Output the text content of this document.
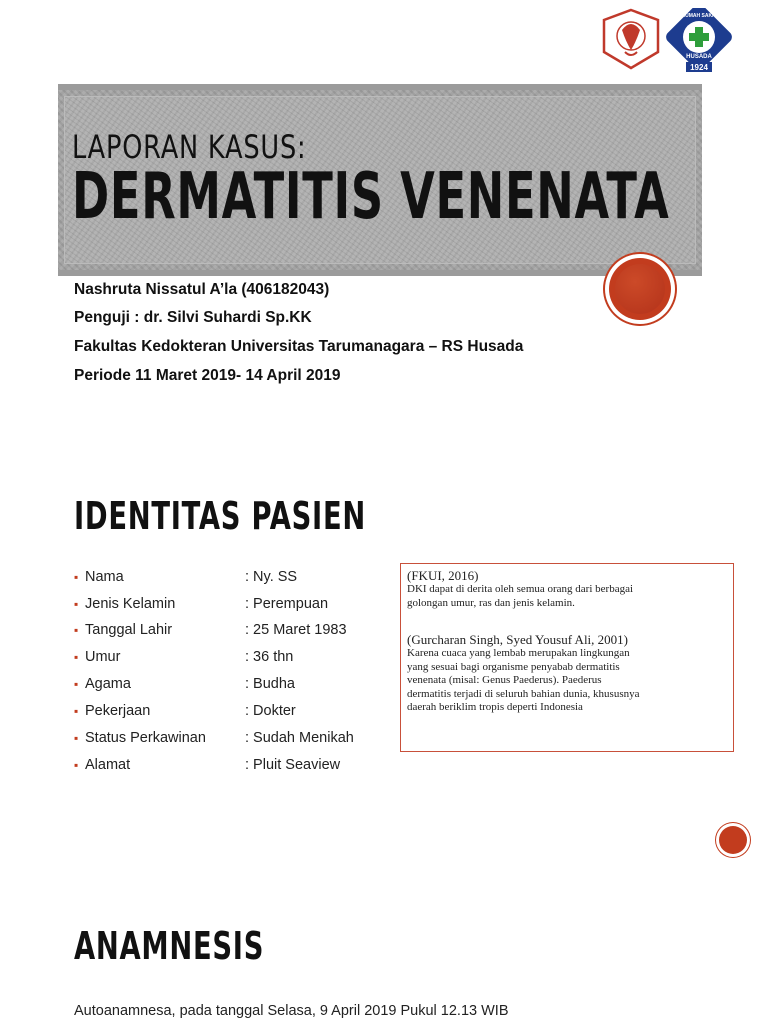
1924
RUMAH SAKIT
HUSADA
LAPORAN KASUS:
DERMATITIS VENENATA
Nashruta Nissatul A’la (406182043)
Penguji : dr. Silvi Suhardi Sp.KK
Fakultas Kedokteran Universitas Tarumanagara – RS Husada
Periode 11 Maret 2019- 14 April 2019
IDENTITAS PASIEN
▪ Nama	: Ny. SS
▪ Jenis Kelamin	: Perempuan
▪ Tanggal Lahir	: 25 Maret 1983
▪ Umur	: 36 thn
▪ Agama	: Budha
▪ Pekerjaan	: Dokter
▪ Status Perkawinan	: Sudah Menikah
▪ Alamat	: Pluit Seaview
(FKUI, 2016)
DKI dapat di derita oleh semua orang dari berbagai
golongan umur, ras dan jenis kelamin.
(Gurcharan Singh, Syed Yousuf Ali, 2001)
Karena cuaca yang lembab merupakan lingkungan
yang sesuai bagi organisme penyabab dermatitis
venenata (misal: Genus Paederus). Paederus
dermatitis terjadi di seluruh bahian dunia, khususnya
daerah beriklim tropis deperti Indonesia
ANAMNESIS
Autoanamnesa, pada tanggal Selasa, 9 April 2019 Pukul 12.13 WIB
